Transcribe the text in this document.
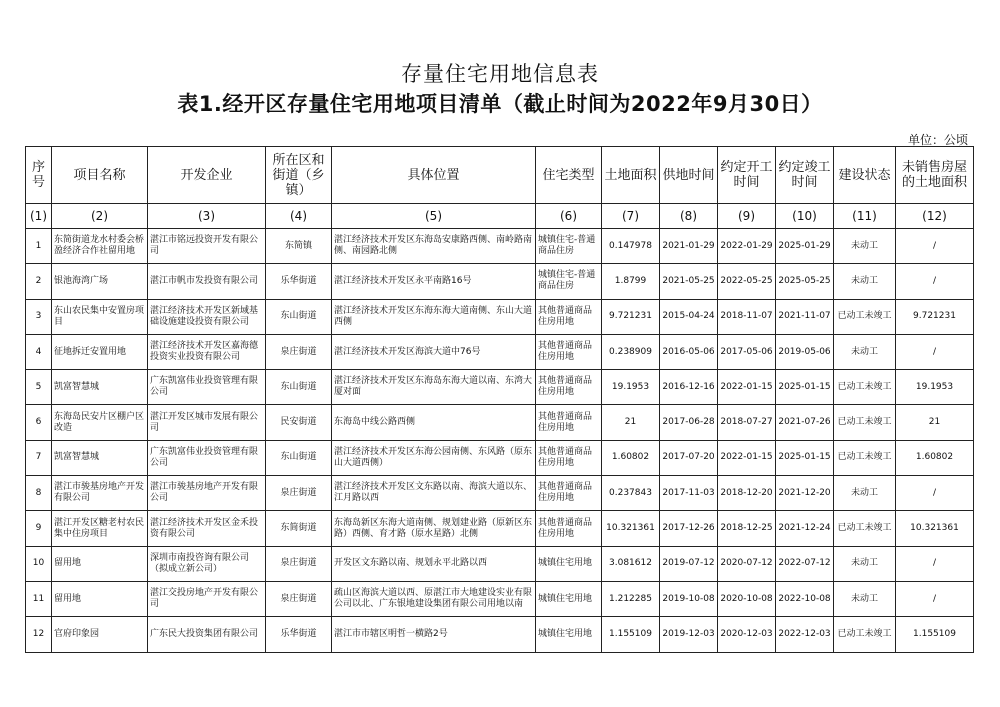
存量住宅用地信息表
表1.经开区存量住宅用地项目清单（截止时间为2022年9月30日）
单位：公顷
序号	项目名称	开发企业	所在区和街道（乡镇）	具体位置	住宅类型	土地面积	供地时间	约定开工时间	约定竣工时间	建设状态	未销售房屋的土地面积
(1)	(2)	(3)	(4)	(5)	(6)	(7)	(8)	(9)	(10)	(11)	(12)
1	东简街道龙水村委会桥盈经济合作社留用地	湛江市铭远投资开发有限公司	东简镇	湛江经济技术开发区东海岛安康路西侧、南岭路南侧、南园路北侧	城镇住宅-普通商品住房	0.147978	2021-01-29	2022-01-29	2025-01-29	未动工	/
2	银池海湾广场	湛江市帆市发投资有限公司	乐华街道	湛江经济技术开发区永平南路16号	城镇住宅-普通商品住房	1.8799	2021-05-25	2022-05-25	2025-05-25	未动工	/
3	东山农民集中安置房项目	湛江经济技术开发区新域基础设施建设投资有限公司	东山街道	湛江经济技术开发区东海东海大道南侧、东山大道西侧	其他普通商品住房用地	9.721231	2015-04-24	2018-11-07	2021-11-07	已动工未竣工	9.721231
4	征地拆迁安置用地	湛江经济技术开发区嘉海德投资实业投资有限公司	泉庄街道	湛江经济技术开发区海滨大道中76号	其他普通商品住房用地	0.238909	2016-05-06	2017-05-06	2019-05-06	未动工	/
5	凯富智慧城	广东凯富伟业投资管理有限公司	东山街道	湛江经济技术开发区东海岛东海大道以南、东湾大厦对面	其他普通商品住房用地	19.1953	2016-12-16	2022-01-15	2025-01-15	已动工未竣工	19.1953
6	东海岛民安片区棚户区改造	湛江开发区城市发展有限公司	民安街道	东海岛中线公路西侧	其他普通商品住房用地	21	2017-06-28	2018-07-27	2021-07-26	已动工未竣工	21
7	凯富智慧城	广东凯富伟业投资管理有限公司	东山街道	湛江经济技术开发区东海公园南侧、东风路（原东山大道西侧）	其他普通商品住房用地	1.60802	2017-07-20	2022-01-15	2025-01-15	已动工未竣工	1.60802
8	湛江市骏基房地产开发有限公司	湛江市骏基房地产开发有限公司	泉庄街道	湛江经济技术开发区文东路以南、海滨大道以东、江月路以西	其他普通商品住房用地	0.237843	2017-11-03	2018-12-20	2021-12-20	未动工	/
9	湛江开发区糖老村农民集中住房项目	湛江经济技术开发区金禾投资有限公司	东简街道	东海岛新区东海大道南侧、规划建业路（原新区东路）西侧、育才路（原水星路）北侧	其他普通商品住房用地	10.321361	2017-12-26	2018-12-25	2021-12-24	已动工未竣工	10.321361
10	留用地	深圳市南投咨询有限公司（拟成立新公司）	泉庄街道	开发区文东路以南、规划永平北路以西	城镇住宅用地	3.081612	2019-07-12	2020-07-12	2022-07-12	未动工	/
11	留用地	湛江交投房地产开发有限公司	泉庄街道	疏山区海滨大道以西、原湛江市大地建设实业有限公司以北、广东银地建设集团有限公司用地以南	城镇住宅用地	1.212285	2019-10-08	2020-10-08	2022-10-08	未动工	/
12	官府印象园	广东民大投资集团有限公司	乐华街道	湛江市市辖区明哲一横路2号	城镇住宅用地	1.155109	2019-12-03	2020-12-03	2022-12-03	已动工未竣工	1.155109
